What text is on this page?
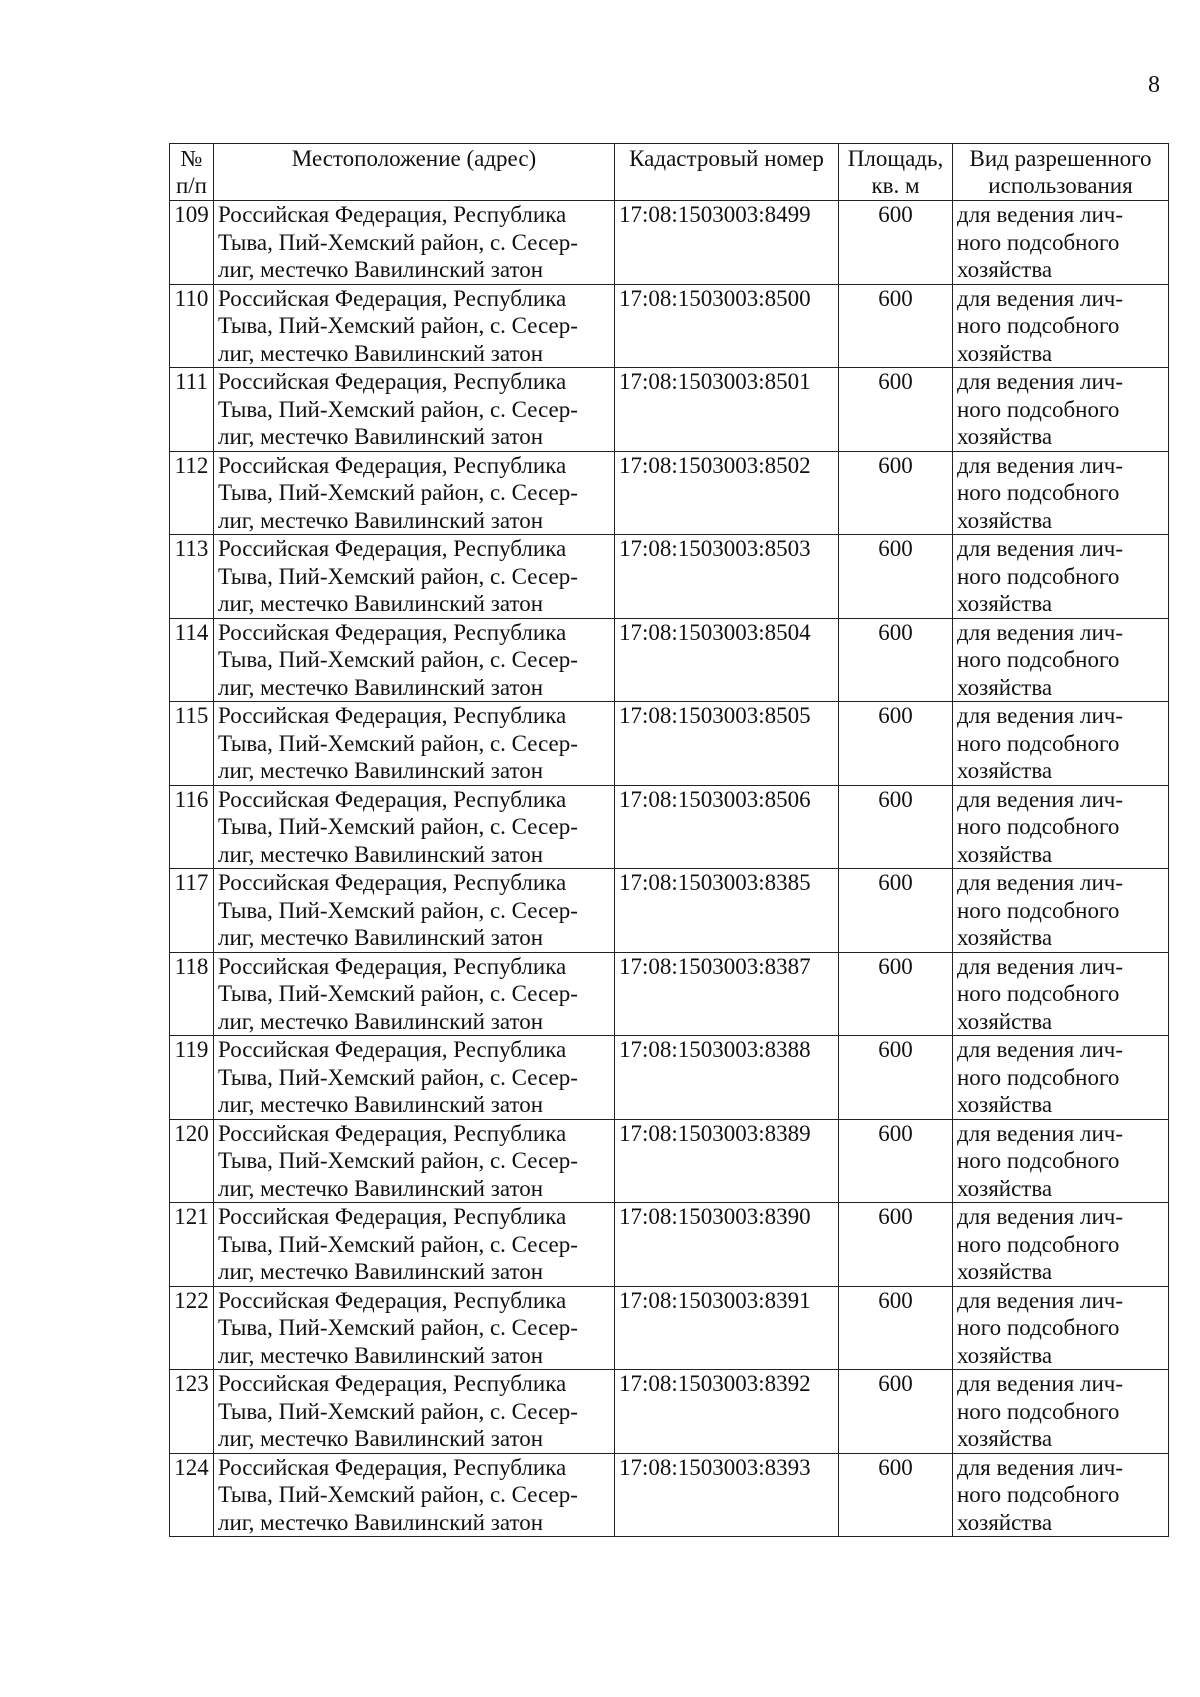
8
№
п/п	Местоположение (адрес)	Кадастровый номер	Площадь,
кв. м	Вид разрешенного
использования

109	Российская Федерация, Республика
Тыва, Пий-Хемский район, с. Сесер-
лиг, местечко Вавилинский затон	17:08:1503003:8499	600	для ведения лич-
ного подсобного
хозяйства

110	Российская Федерация, Республика
Тыва, Пий-Хемский район, с. Сесер-
лиг, местечко Вавилинский затон	17:08:1503003:8500	600	для ведения лич-
ного подсобного
хозяйства

111	Российская Федерация, Республика
Тыва, Пий-Хемский район, с. Сесер-
лиг, местечко Вавилинский затон	17:08:1503003:8501	600	для ведения лич-
ного подсобного
хозяйства

112	Российская Федерация, Республика
Тыва, Пий-Хемский район, с. Сесер-
лиг, местечко Вавилинский затон	17:08:1503003:8502	600	для ведения лич-
ного подсобного
хозяйства

113	Российская Федерация, Республика
Тыва, Пий-Хемский район, с. Сесер-
лиг, местечко Вавилинский затон	17:08:1503003:8503	600	для ведения лич-
ного подсобного
хозяйства

114	Российская Федерация, Республика
Тыва, Пий-Хемский район, с. Сесер-
лиг, местечко Вавилинский затон	17:08:1503003:8504	600	для ведения лич-
ного подсобного
хозяйства

115	Российская Федерация, Республика
Тыва, Пий-Хемский район, с. Сесер-
лиг, местечко Вавилинский затон	17:08:1503003:8505	600	для ведения лич-
ного подсобного
хозяйства

116	Российская Федерация, Республика
Тыва, Пий-Хемский район, с. Сесер-
лиг, местечко Вавилинский затон	17:08:1503003:8506	600	для ведения лич-
ного подсобного
хозяйства

117	Российская Федерация, Республика
Тыва, Пий-Хемский район, с. Сесер-
лиг, местечко Вавилинский затон	17:08:1503003:8385	600	для ведения лич-
ного подсобного
хозяйства

118	Российская Федерация, Республика
Тыва, Пий-Хемский район, с. Сесер-
лиг, местечко Вавилинский затон	17:08:1503003:8387	600	для ведения лич-
ного подсобного
хозяйства

119	Российская Федерация, Республика
Тыва, Пий-Хемский район, с. Сесер-
лиг, местечко Вавилинский затон	17:08:1503003:8388	600	для ведения лич-
ного подсобного
хозяйства

120	Российская Федерация, Республика
Тыва, Пий-Хемский район, с. Сесер-
лиг, местечко Вавилинский затон	17:08:1503003:8389	600	для ведения лич-
ного подсобного
хозяйства

121	Российская Федерация, Республика
Тыва, Пий-Хемский район, с. Сесер-
лиг, местечко Вавилинский затон	17:08:1503003:8390	600	для ведения лич-
ного подсобного
хозяйства

122	Российская Федерация, Республика
Тыва, Пий-Хемский район, с. Сесер-
лиг, местечко Вавилинский затон	17:08:1503003:8391	600	для ведения лич-
ного подсобного
хозяйства

123	Российская Федерация, Республика
Тыва, Пий-Хемский район, с. Сесер-
лиг, местечко Вавилинский затон	17:08:1503003:8392	600	для ведения лич-
ного подсобного
хозяйства

124	Российская Федерация, Республика
Тыва, Пий-Хемский район, с. Сесер-
лиг, местечко Вавилинский затон	17:08:1503003:8393	600	для ведения лич-
ного подсобного
хозяйства
